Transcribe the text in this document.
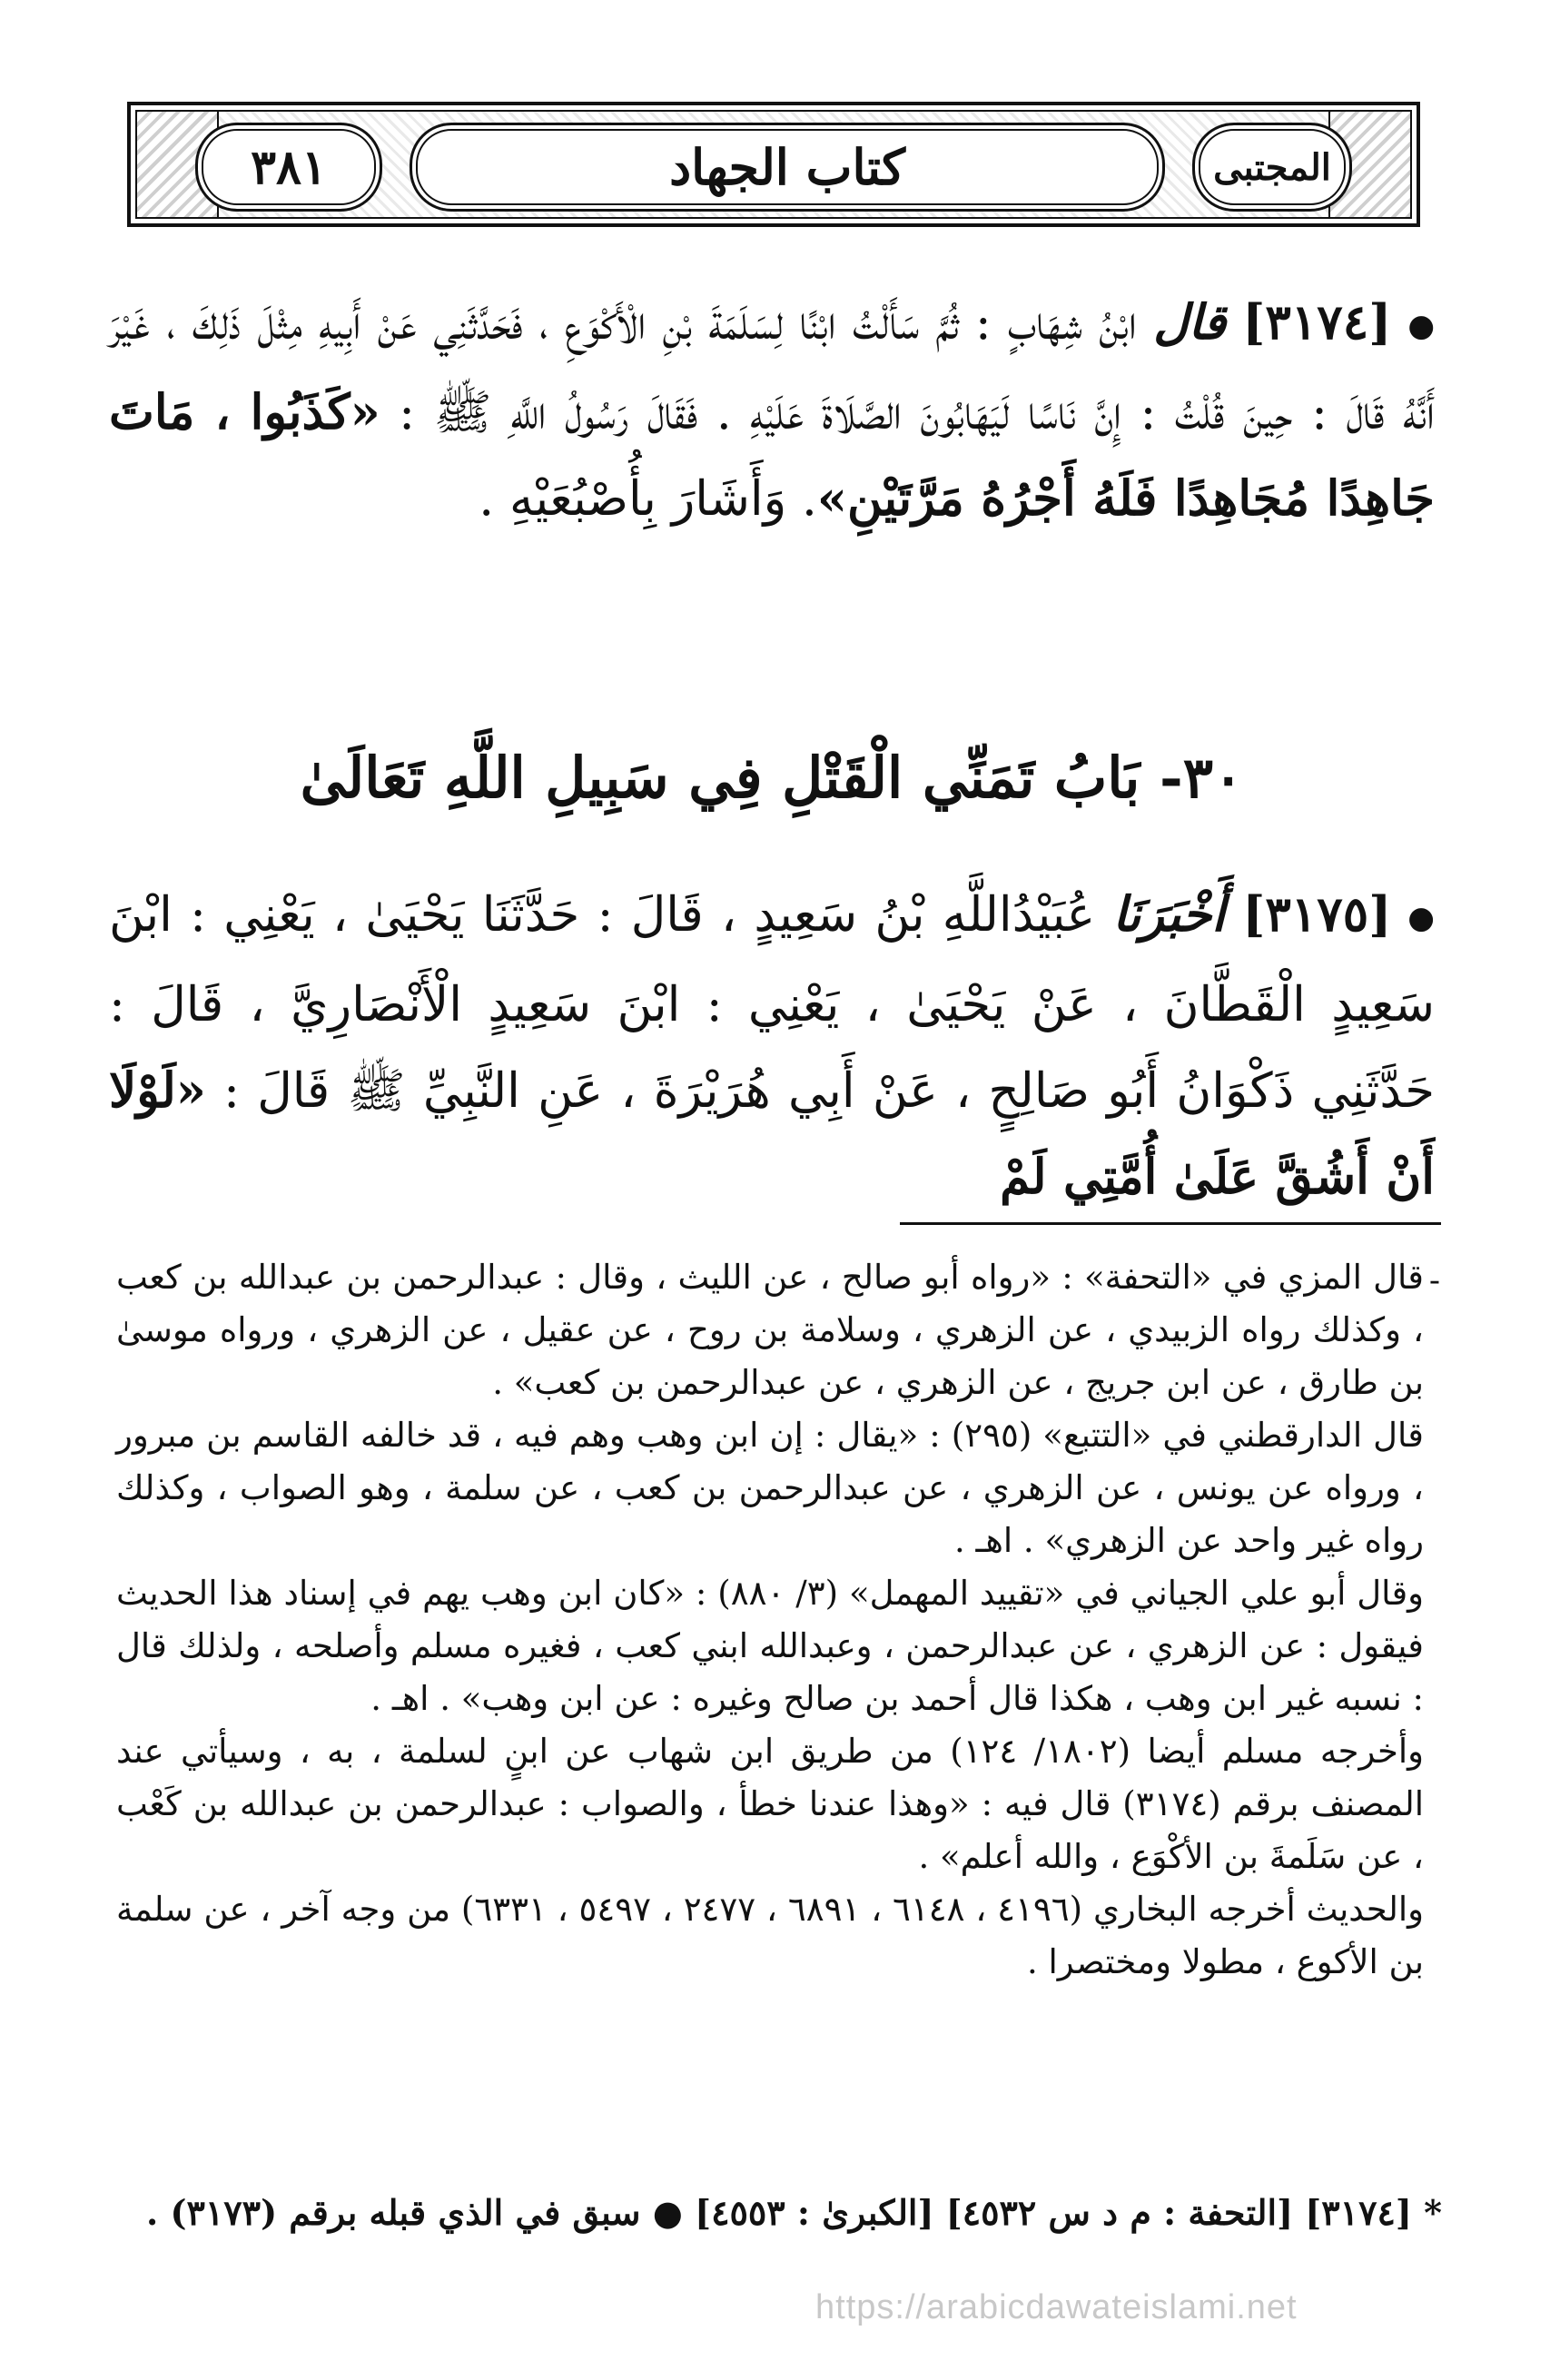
المجتبى
كتاب الجهاد
٣٨١
●[٣١٧٤] قال ابْنُ شِهَابٍ : ثُمَّ سَأَلْتُ ابْنًا لِسَلَمَةَ بْنِ الْأَكْوَعِ ، فَحَدَّثَنِي عَنْ أَبِيهِ مِثْلَ ذَلِكَ ، غَيْرَ أَنَّهُ قَالَ : حِينَ قُلْتُ : إِنَّ نَاسًا لَيَهَابُونَ الصَّلَاةَ عَلَيْهِ . فَقَالَ رَسُولُ اللَّهِ ﷺ : «كَذَبُوا ، مَاتَ جَاهِدًا مُجَاهِدًا فَلَهُ أَجْرُهُ مَرَّتَيْنِ». وَأَشَارَ بِأُصْبُعَيْهِ .
٣٠- بَابُ تَمَنِّي الْقَتْلِ فِي سَبِيلِ اللَّهِ تَعَالَىٰ
●[٣١٧٥] أَخْبَرَنَا عُبَيْدُاللَّهِ بْنُ سَعِيدٍ ، قَالَ : حَدَّثَنَا يَحْيَىٰ ، يَعْنِي : ابْنَ سَعِيدٍ الْقَطَّانَ ، عَنْ يَحْيَىٰ ، يَعْنِي : ابْنَ سَعِيدٍ الْأَنْصَارِيَّ ، قَالَ : حَدَّثَنِي ذَكْوَانُ أَبُو صَالِحٍ ، عَنْ أَبِي هُرَيْرَةَ ، عَنِ النَّبِيِّ ﷺ قَالَ : «لَوْلَا أَنْ أَشُقَّ عَلَىٰ أُمَّتِي لَمْ
-

قال المزي في «التحفة» : «رواه أبو صالح ، عن الليث ، وقال : عبدالرحمن بن عبدالله بن كعب ، وكذلك رواه الزبيدي ، عن الزهري ، وسلامة بن روح ، عن عقيل ، عن الزهري ، ورواه موسىٰ بن طارق ، عن ابن جريج ، عن الزهري ، عن عبدالرحمن بن كعب» .

قال الدارقطني في «التتبع» (٢٩٥) : «يقال : إن ابن وهب وهم فيه ، قد خالفه القاسم بن مبرور ، ورواه عن يونس ، عن الزهري ، عن عبدالرحمن بن كعب ، عن سلمة ، وهو الصواب ، وكذلك رواه غير واحد عن الزهري» . اهـ .

وقال أبو علي الجياني في «تقييد المهمل» (٣/ ٨٨٠) : «كان ابن وهب يهم في إسناد هذا الحديث فيقول : عن الزهري ، عن عبدالرحمن ، وعبدالله ابني كعب ، فغيره مسلم وأصلحه ، ولذلك قال : نسبه غير ابن وهب ، هكذا قال أحمد بن صالح وغيره : عن ابن وهب» . اهـ .

وأخرجه مسلم أيضا (١٨٠٢/ ١٢٤) من طريق ابن شهاب عن ابنٍ لسلمة ، به ، وسيأتي عند المصنف برقم (٣١٧٤) قال فيه : «وهذا عندنا خطأ ، والصواب : عبدالرحمن بن عبدالله بن كَعْب ، عن سَلَمةَ بن الأكْوَع ، والله أعلم» .

والحديث أخرجه البخاري (٤١٩٦ ، ٦١٤٨ ، ٦٨٩١ ، ٢٤٧٧ ، ٥٤٩٧ ، ٦٣٣١) من وجه آخر ، عن سلمة بن الأكوع ، مطولا ومختصرا .

* [٣١٧٤] [التحفة : م د س ٤٥٣٢] [الكبرىٰ : ٤٥٥٣] ● سبق في الذي قبله برقم (٣١٧٣) .
https://arabicdawateislami.net
